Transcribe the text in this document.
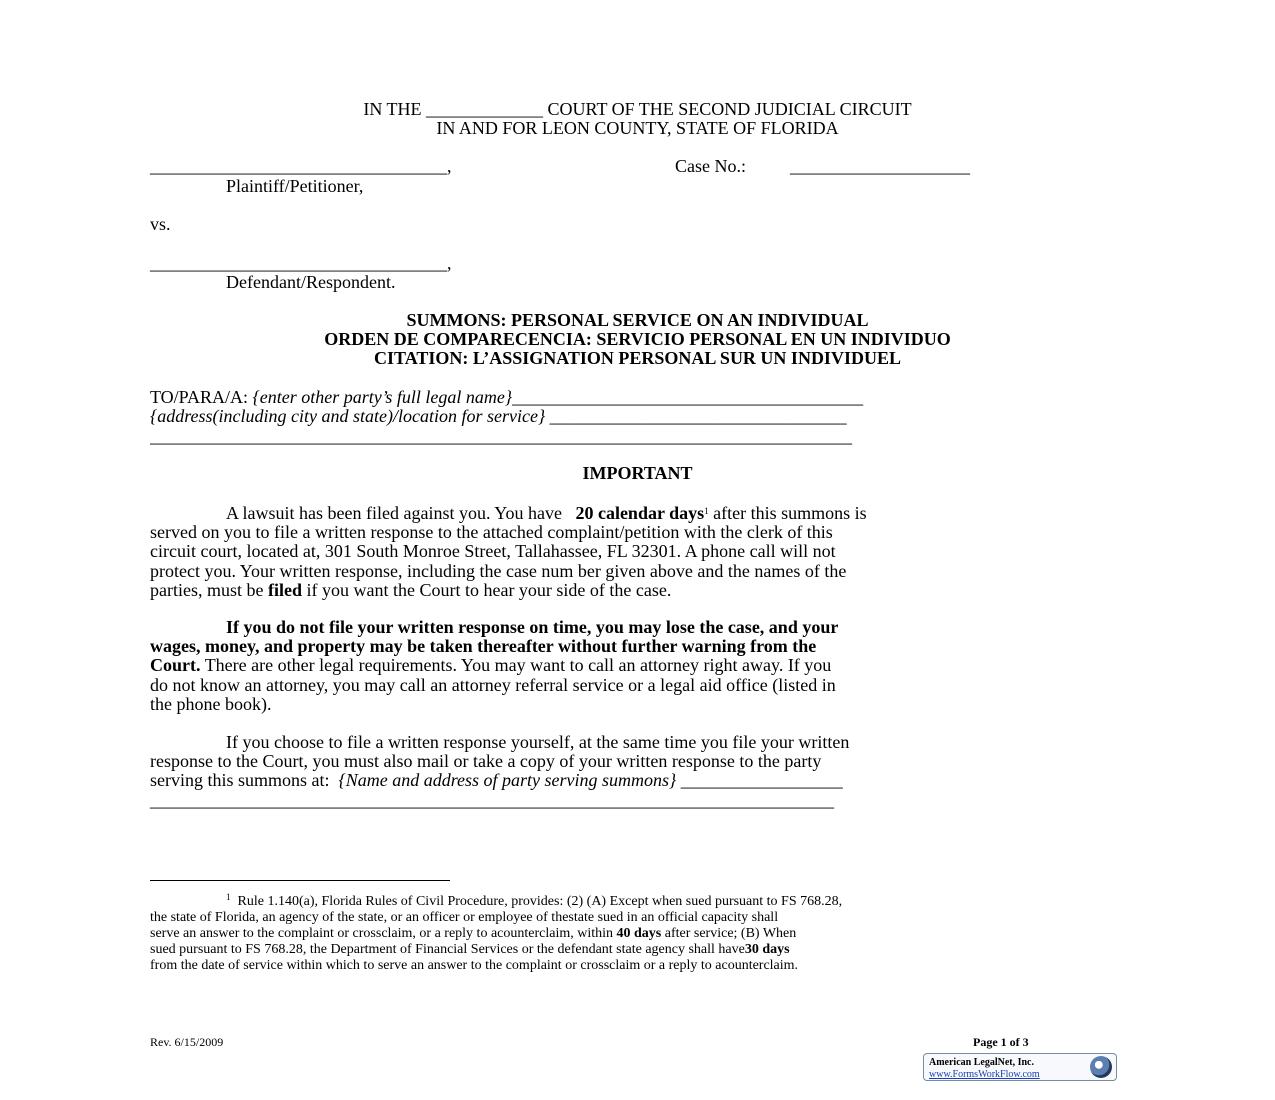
IN THE _____________ COURT OF THE SECOND JUDICIAL CIRCUIT
IN AND FOR LEON COUNTY, STATE OF FLORIDA
_________________________________,	Case No.: ____________________
Plaintiff/Petitioner,
vs.
_________________________________,
Defendant/Respondent.
SUMMONS: PERSONAL SERVICE ON AN INDIVIDUAL
ORDEN DE COMPARECENCIA: SERVICIO PERSONAL EN UN INDIVIDUO
CITATION: L’ASSIGNATION PERSONAL SUR UN INDIVIDUEL
TO/PARA/A: {enter other party’s full legal name}_______________________________________
{address(including city and state)/location for service} _________________________________
______________________________________________________________________________
IMPORTANT
A lawsuit has been filed against you. You have 20 calendar days$^1$ after this summons is
served on you to file a written response to the attached complaint/petition with the clerk of this
circuit court, located at, 301 South Monroe Street, Tallahassee, FL 32301. A phone call will not
protect you. Your written response, including the case num ber given above and the names of the
parties, must be filed if you want the Court to hear your side of the case.
If you do not file your written response on time, you may lose the case, and your
wages, money, and property may be taken thereafter without further warning from the
Court. There are other legal requirements. You may want to call an attorney right away. If you
do not know an attorney, you may call an attorney referral service or a legal aid office (listed in
the phone book).
If you choose to file a written response yourself, at the same time you file your written
response to the Court, you must also mail or take a copy of your written response to the party
serving this summons at: {Name and address of party serving summons} __________________
____________________________________________________________________________
$^1$ Rule 1.140(a), Florida Rules of Civil Procedure, provides: (2) (A) Except when sued pursuant to FS 768.28,
the state of Florida, an agency of the state, or an officer or employee of thestate sued in an official capacity shall
serve an answer to the complaint or crossclaim, or a reply to acounterclaim, within 40 days after service; (B) When
sued pursuant to FS 768.28, the Department of Financial Services or the defendant state agency shall have30 days
from the date of service within which to serve an answer to the complaint or crossclaim or a reply to acounterclaim.
Rev. 6/15/2009	Page 1 of 3
American LegalNet, Inc.
www.FormsWorkFlow.com
